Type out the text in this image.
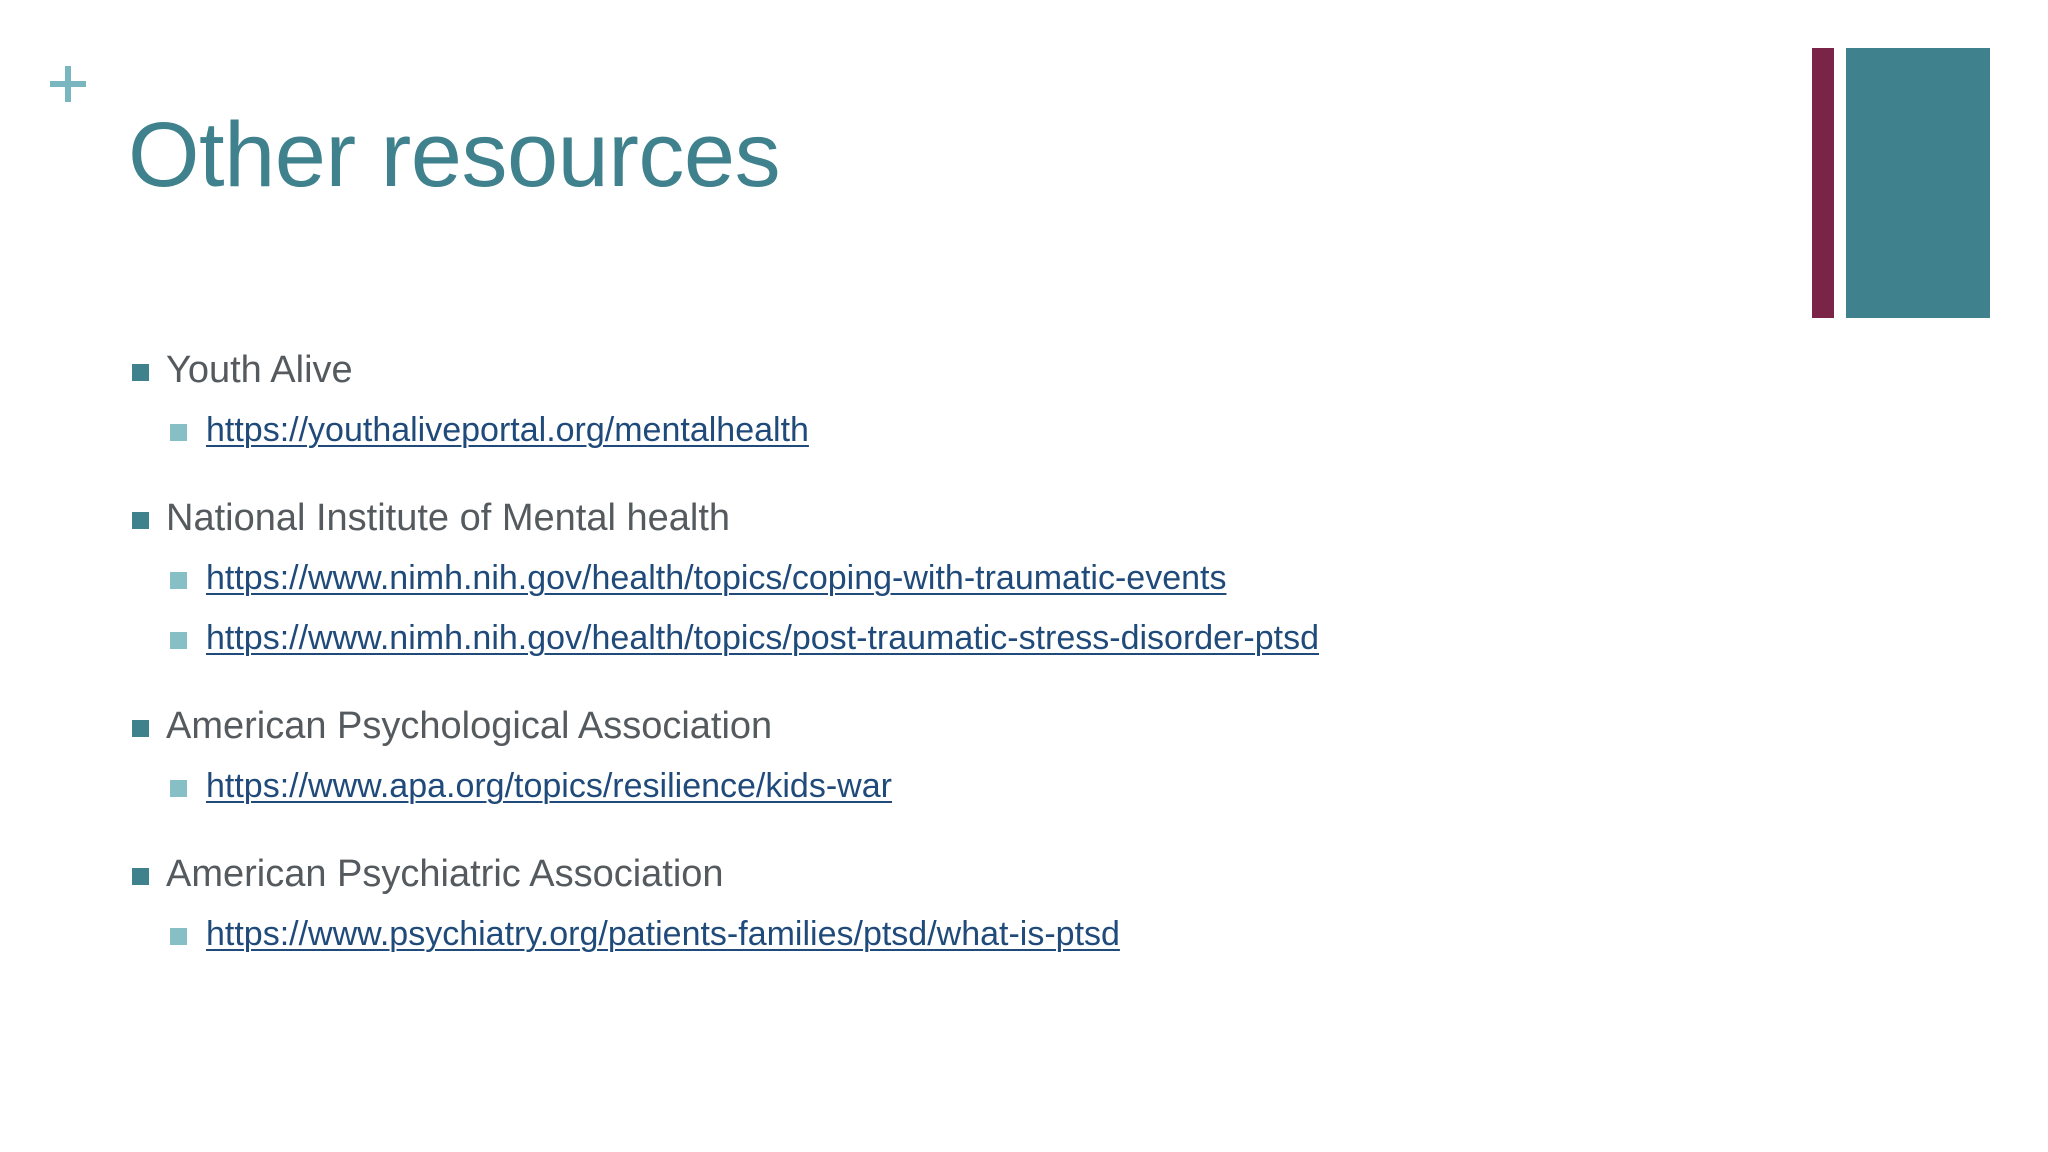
Other resources
Youth Alive
https://youthaliveportal.org/mentalhealth
National Institute of Mental health
https://www.nimh.nih.gov/health/topics/coping-with-traumatic-events
https://www.nimh.nih.gov/health/topics/post-traumatic-stress-disorder-ptsd
American Psychological Association
https://www.apa.org/topics/resilience/kids-war
American Psychiatric Association
https://www.psychiatry.org/patients-families/ptsd/what-is-ptsd
